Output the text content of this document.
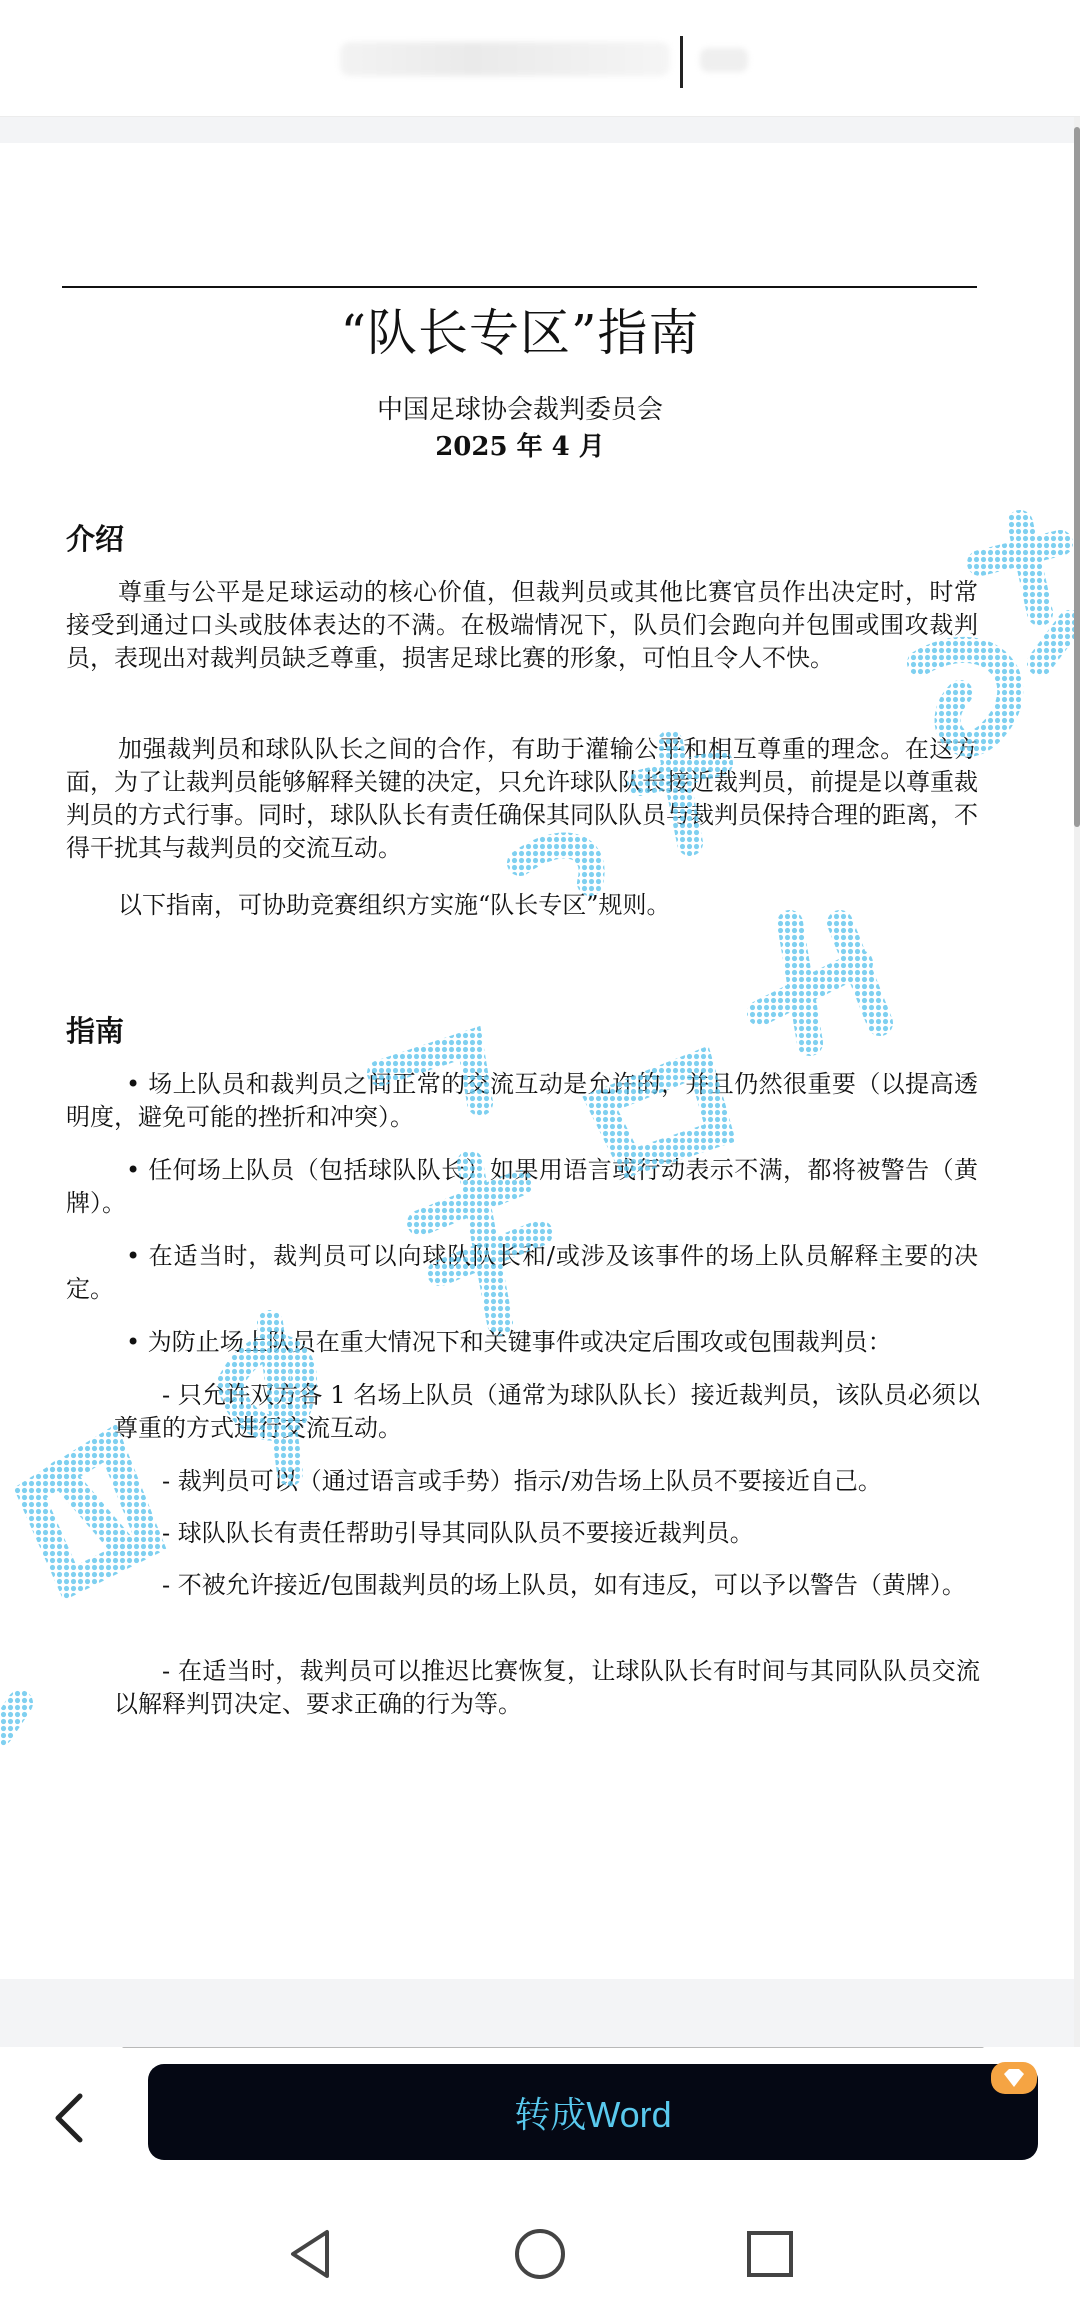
“队长专区”指南
中国足球协会裁判委员会
2025 年 4 月
介绍
尊重与公平是足球运动的核心价值，但裁判员或其他比赛官员作出决定时，时常接受到通过口头或肢体表达的不满。在极端情况下，队员们会跑向并包围或围攻裁判员，表现出对裁判员缺乏尊重，损害足球比赛的形象，可怕且令人不快。
加强裁判员和球队队长之间的合作，有助于灌输公平和相互尊重的理念。在这方面，为了让裁判员能够解释关键的决定，只允许球队队长接近裁判员，前提是以尊重裁判员的方式行事。同时，球队队长有责任确保其同队队员与裁判员保持合理的距离，不得干扰其与裁判员的交流互动。
以下指南，可协助竞赛组织方实施“队长专区”规则。
指南
• 场上队员和裁判员之间正常的交流互动是允许的，并且仍然很重要（以提高透明度，避免可能的挫折和冲突）。
• 任何场上队员（包括球队队长）如果用语言或行动表示不满，都将被警告（黄牌）。
• 在适当时，裁判员可以向球队队长和/或涉及该事件的场上队员解释主要的决定。
• 为防止场上队员在重大情况下和关键事件或决定后围攻或包围裁判员：
- 只允许双方各 1 名场上队员（通常为球队队长）接近裁判员，该队员必须以尊重的方式进行交流互动。
- 裁判员可以（通过语言或手势）指示/劝告场上队员不要接近自己。
- 球队队长有责任帮助引导其同队队员不要接近裁判员。
- 不被允许接近/包围裁判员的场上队员，如有违反，可以予以警告（黄牌）。
- 在适当时，裁判员可以推迟比赛恢复，让球队队长有时间与其同队队员交流以解释判罚决定、要求正确的行为等。
转成Word
